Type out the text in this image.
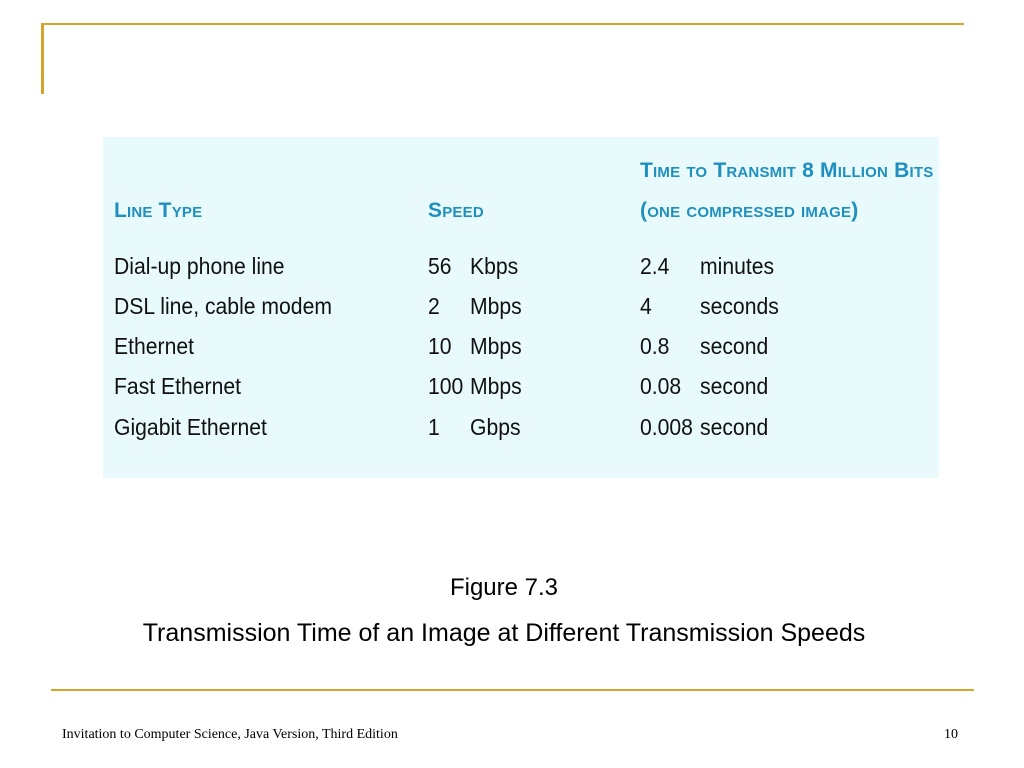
Time to Transmit 8 Million Bits
Line Type	Speed	(one compressed image)
Dial-up phone line	56 Kbps	2.4 minutes
DSL line, cable modem	2 Mbps	4 seconds
Ethernet	10 Mbps	0.8 second
Fast Ethernet	100 Mbps	0.08 second
Gigabit Ethernet	1 Gbps	0.008 second
Figure 7.3
Transmission Time of an Image at Different Transmission Speeds
Invitation to Computer Science, Java Version, Third Edition	10
